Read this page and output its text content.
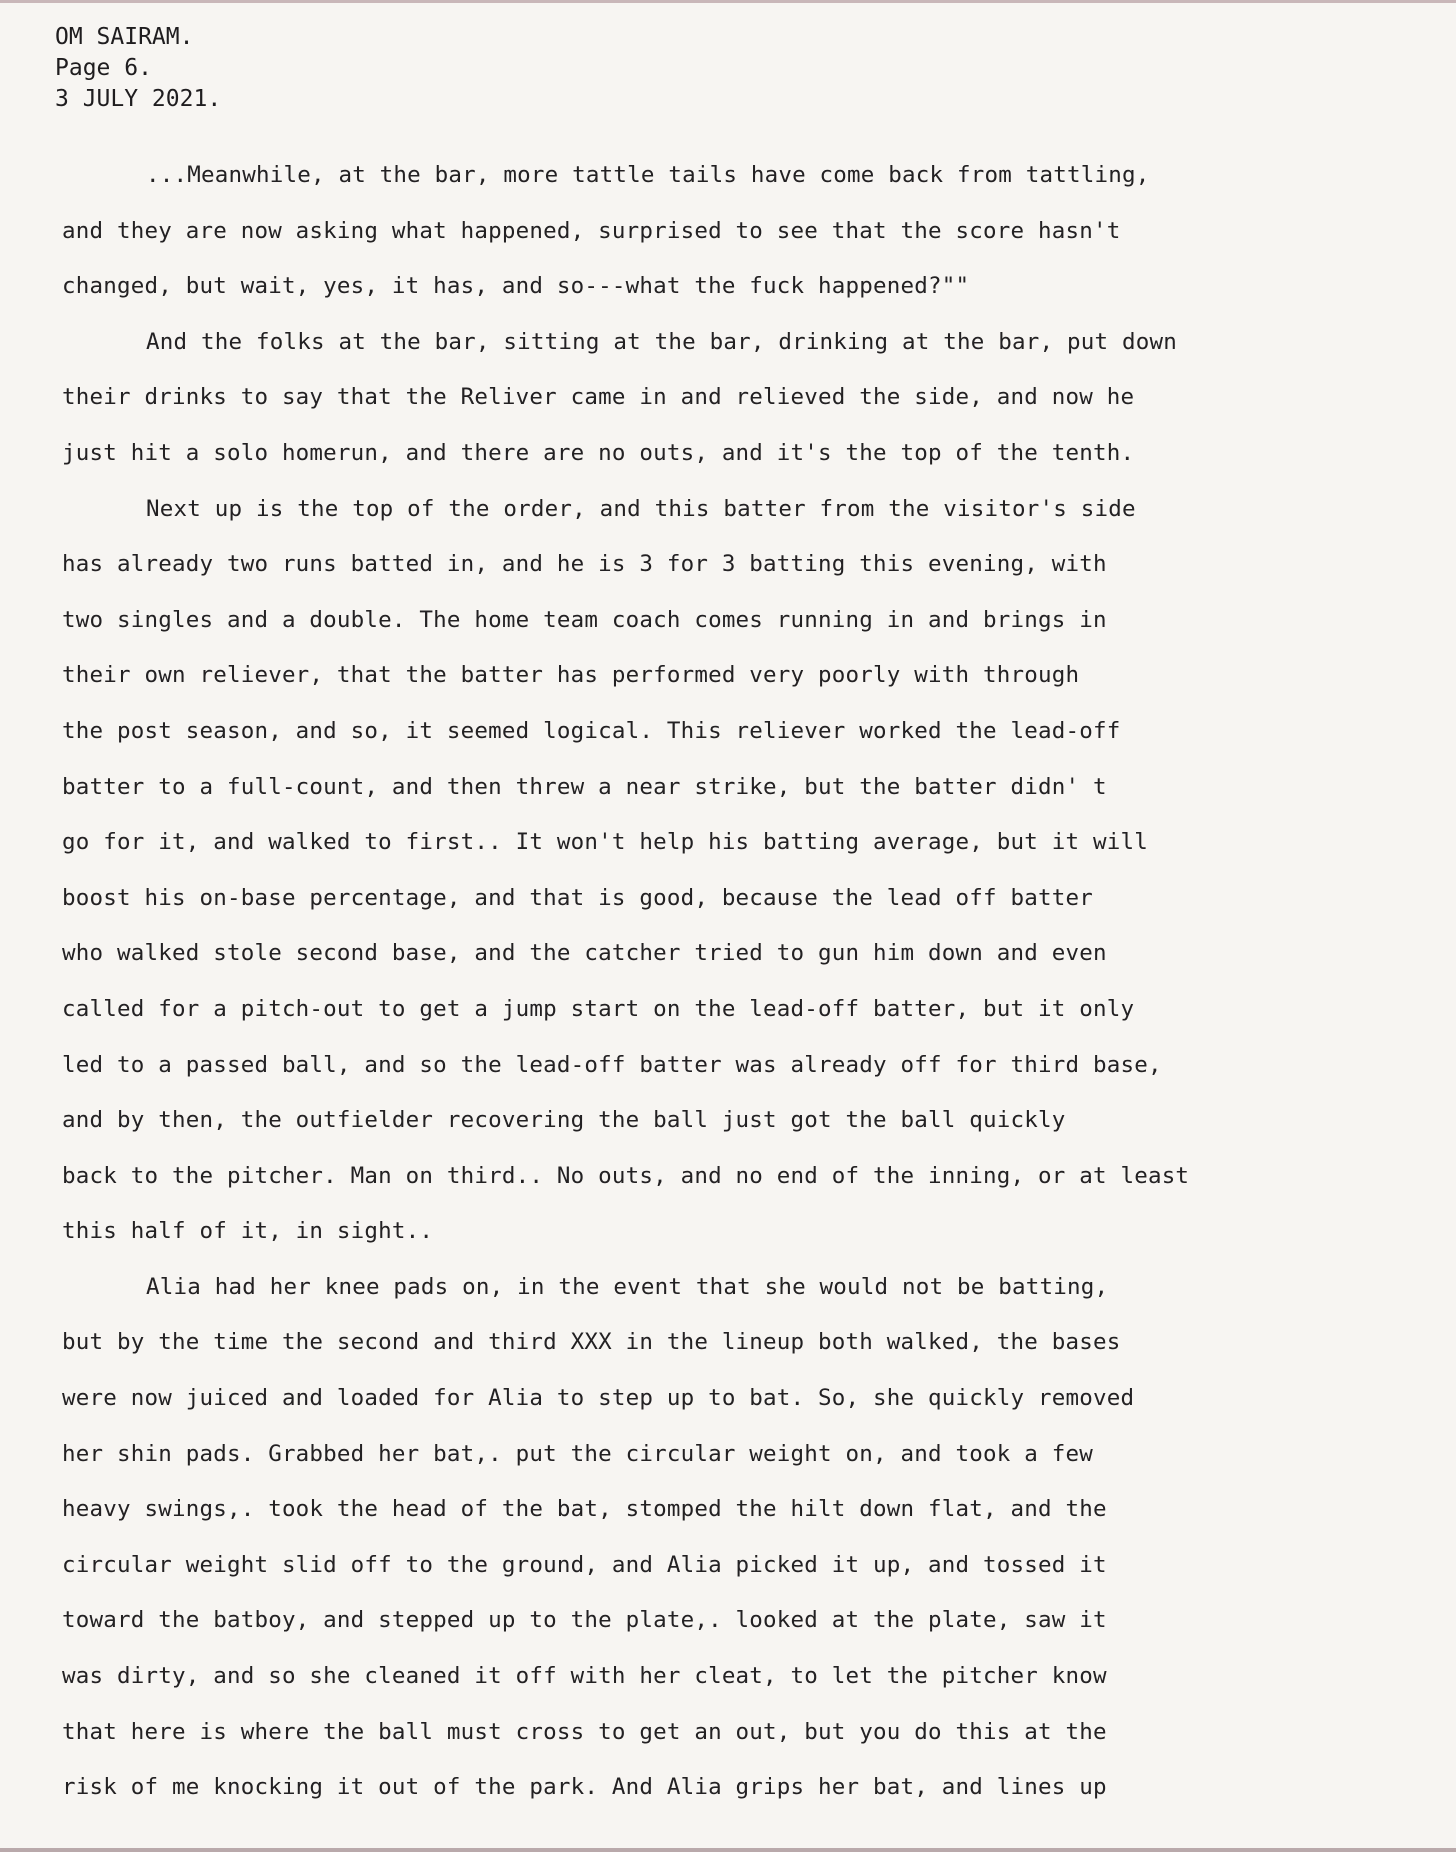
OM SAIRAM.
Page 6.
3 JULY 2021.
...Meanwhile, at the bar, more tattle tails have come back from tattling,
and they are now asking what happened, surprised to see that the score hasn't
changed, but wait, yes, it has, and so---what the fuck happened?""
And the folks at the bar, sitting at the bar, drinking at the bar, put down
their drinks to say that the Reliver came in and relieved the side, and now he
just hit a solo homerun, and there are no outs, and it's the top of the tenth.
Next up is the top of the order, and this batter from the visitor's side
has already two runs batted in, and he is 3 for 3 batting this evening, with
two singles and a double. The home team coach comes running in and brings in
their own reliever, that the batter has performed very poorly with through
the post season, and so, it seemed logical. This reliever worked the lead-off
batter to a full-count, and then threw a near strike, but the batter didn' t
go for it, and walked to first.. It won't help his batting average, but it will
boost his on-base percentage, and that is good, because the lead off batter
who walked stole second base, and the catcher tried to gun him down and even
called for a pitch-out to get a jump start on the lead-off batter, but it only
led to a passed ball, and so the lead-off batter was already off for third base,
and by then, the outfielder recovering the ball just got the ball quickly
back to the pitcher. Man on third.. No outs, and no end of the inning, or at least
this half of it, in sight..
Alia had her knee pads on, in the event that she would not be batting,
but by the time the second and third XXX in the lineup both walked, the bases
were now juiced and loaded for Alia to step up to bat. So, she quickly removed
her shin pads. Grabbed her bat,. put the circular weight on, and took a few
heavy swings,. took the head of the bat, stomped the hilt down flat, and the
circular weight slid off to the ground, and Alia picked it up, and tossed it
toward the batboy, and stepped up to the plate,. looked at the plate, saw it
was dirty, and so she cleaned it off with her cleat, to let the pitcher know
that here is where the ball must cross to get an out, but you do this at the
risk of me knocking it out of the park. And Alia grips her bat, and lines up
